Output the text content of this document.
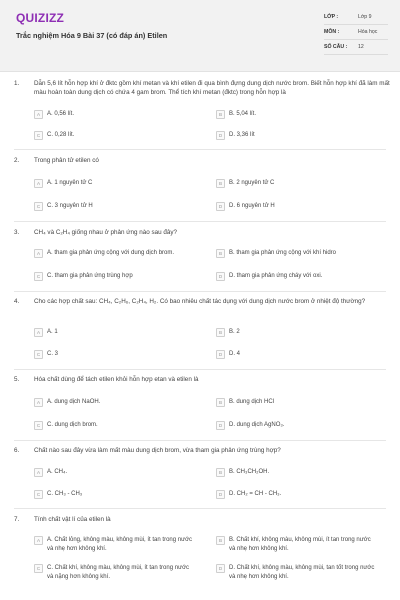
QUIZIZZ
Trắc nghiệm Hóa 9 Bài 37 (có đáp án) Etilen
LỚP :	Lớp 9
MÔN :	Hóa học
SỐ CÂU :	12
1. Dẫn 5,6 lít hỗn hợp khí ở đktc gồm khí metan và khí etilen đi qua bình đựng dung dịch nước brom. Biết hỗn hợp khí đã làm mất màu hoàn toàn dung dịch có chứa 4 gam brom. Thể tích khí metan (đktc) trong hỗn hợp là
A	A. 0,56 lít.	B	B. 5,04 lít.
C	C. 0,28 lít.	D	D. 3,36 lít
2. Trong phân tử etilen có
A	A. 1 nguyên tử C	B	B. 2 nguyên tử C
C	C. 3 nguyên tử H	D	D. 6 nguyên tử H
3. CH₄ và C₂H₄ giống nhau ở phản ứng nào sau đây?
A	A. tham gia phản ứng cộng với dung dịch brom.	B	B. tham gia phản ứng cộng với khí hidro
C	C. tham gia phản ứng trùng hợp	D	D. tham gia phản ứng cháy với oxi.
4. Cho các hợp chất sau: CH₄, C₂H₆, C₂H₄, H₂. Có bao nhiêu chất tác dụng với dung dịch nước brom ở nhiệt độ thường?
A	A. 1	B	B. 2
C	C. 3	D	D. 4
5. Hóa chất dùng để tách etilen khỏi hỗn hợp etan và etilen là
A	A. dung dịch NaOH.	B	B. dung dịch HCl
C	C. dung dịch brom.	D	D. dung dịch AgNO₃.
6. Chất nào sau đây vừa làm mất màu dung dịch brom, vừa tham gia phản ứng trùng hợp?
A	A. CH₄.	B	B. CH₃CH₂OH.
C	C. CH₃ - CH₃	D	D. CH₂ = CH - CH₃.
7. Tính chất vật lí của etilen là
A	A. Chất lỏng, không màu, không mùi, ít tan trong nước và nhẹ hơn không khí.
B	B. Chất khí, không màu, không mùi, ít tan trong nước và nhẹ hơn không khí.
C	C. Chất khí, không màu, không mùi, ít tan trong nước và nặng hơn không khí.
D	D. Chất khí, không màu, không mùi, tan tốt trong nước và nhẹ hơn không khí.
